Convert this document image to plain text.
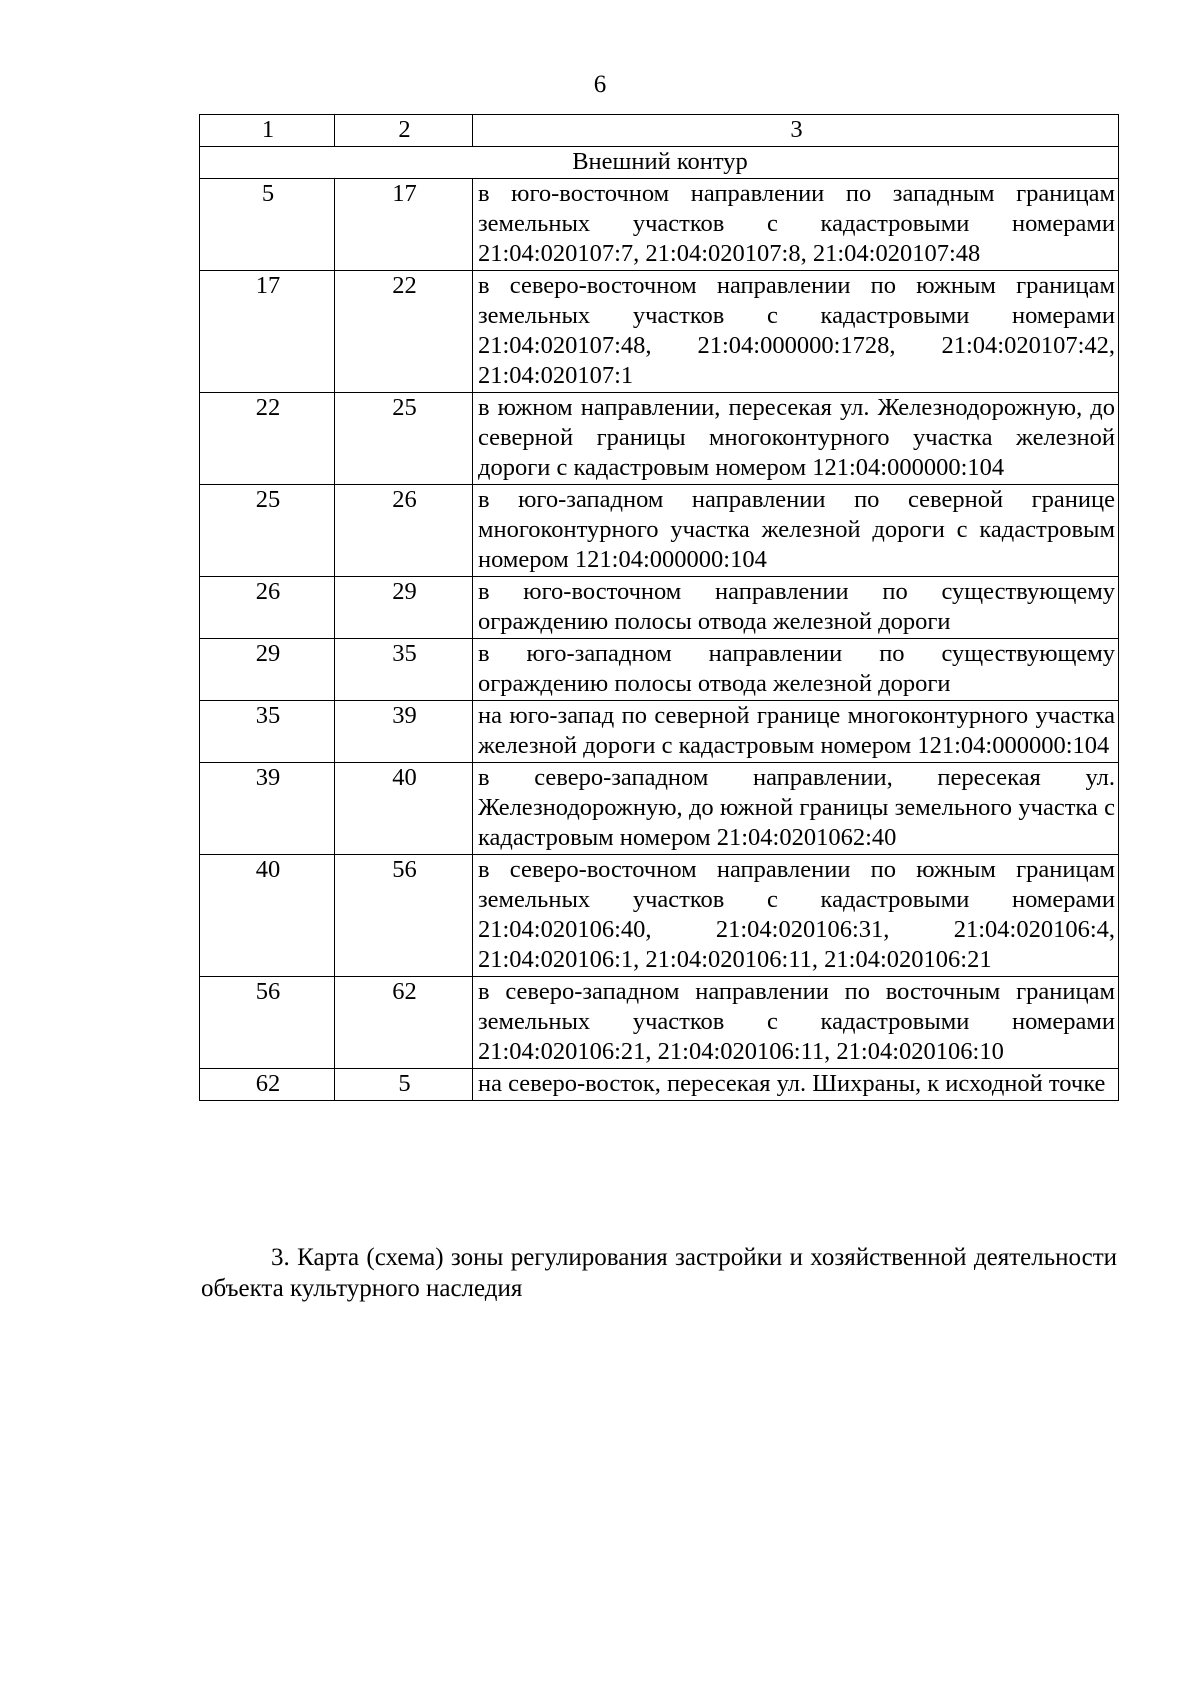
6
1	2	3
Внешний контур		
5	17	в юго-восточном направлении по западным границам земельных участков с кадастровыми номерами 21:04:020107:7, 21:04:020107:8, 21:04:020107:48
17	22	в северо-восточном направлении по южным границам земельных участков с кадастровыми номерами 21:04:020107:48, 21:04:000000:1728, 21:04:020107:42, 21:04:020107:1
22	25	в южном направлении, пересекая ул. Железнодорожную, до северной границы многоконтурного участка железной дороги с кадастровым номером 121:04:000000:104
25	26	в юго-западном направлении по северной границе многоконтурного участка железной дороги с кадастровым номером 121:04:000000:104
26	29	в юго-восточном направлении по существующему ограждению полосы отвода железной дороги
29	35	в юго-западном направлении по существующему ограждению полосы отвода железной дороги
35	39	на юго-запад по северной границе многоконтурного участка железной дороги с кадастровым номером 121:04:000000:104
39	40	в северо-западном направлении, пересекая ул. Железнодорожную, до южной границы земельного участка с кадастровым номером 21:04:0201062:40
40	56	в северо-восточном направлении по южным границам земельных участков с кадастровыми номерами 21:04:020106:40, 21:04:020106:31, 21:04:020106:4, 21:04:020106:1, 21:04:020106:11, 21:04:020106:21
56	62	в северо-западном направлении по восточным границам земельных участков с кадастровыми номерами 21:04:020106:21, 21:04:020106:11, 21:04:020106:10
62	5	на северо-восток, пересекая ул. Шихраны, к исходной точке

3. Карта (схема) зоны регулирования застройки и хозяйственной деятельности объекта культурного наследия
